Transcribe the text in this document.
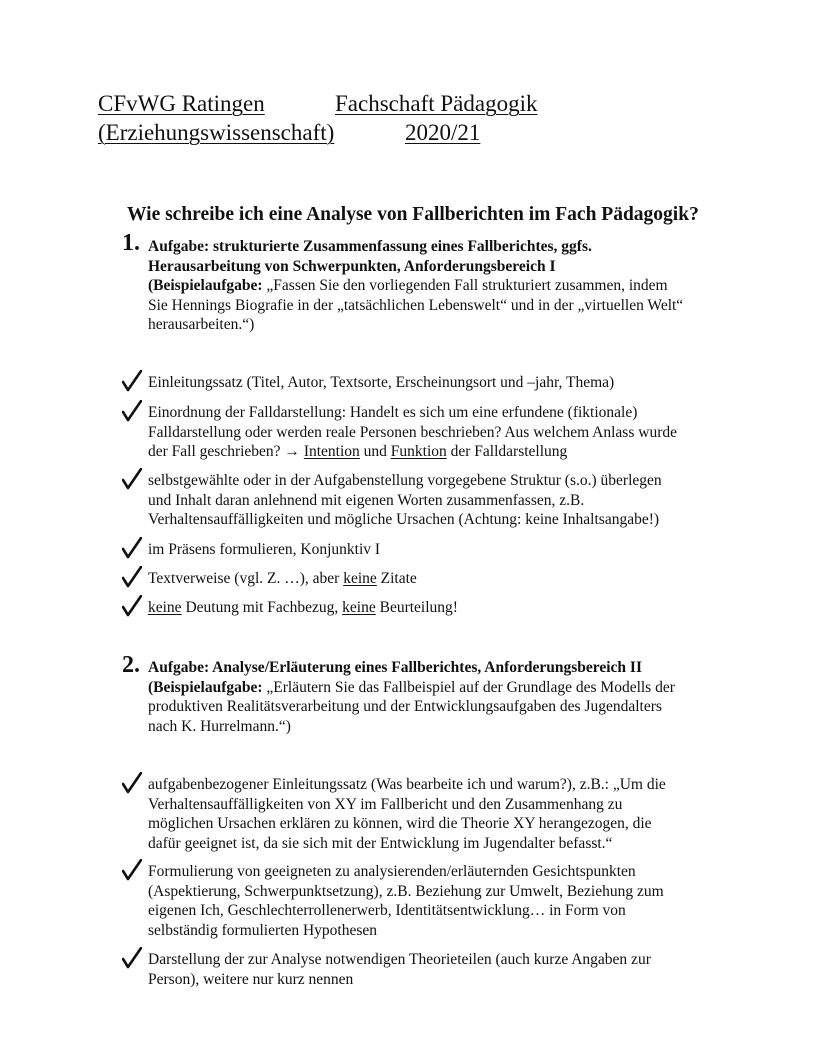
CFvWG Ratingen	Fachschaft Pädagogik
(Erziehungswissenschaft)	2020/21
Wie schreibe ich eine Analyse von Fallberichten im Fach Pädagogik?
1. Aufgabe: strukturierte Zusammenfassung eines Fallberichtes, ggfs.
Herausarbeitung von Schwerpunkten, Anforderungsbereich I
(Beispielaufgabe: „Fassen Sie den vorliegenden Fall strukturiert zusammen, indem
Sie Hennings Biografie in der „tatsächlichen Lebenswelt“ und in der „virtuellen Welt“
herausarbeiten.“)
Einleitungssatz (Titel, Autor, Textsorte, Erscheinungsort und –jahr, Thema)
Einordnung der Falldarstellung: Handelt es sich um eine erfundene (fiktionale)
Falldarstellung oder werden reale Personen beschrieben? Aus welchem Anlass wurde
der Fall geschrieben? → Intention und Funktion der Falldarstellung
selbstgewählte oder in der Aufgabenstellung vorgegebene Struktur (s.o.) überlegen
und Inhalt daran anlehnend mit eigenen Worten zusammenfassen, z.B.
Verhaltensauffälligkeiten und mögliche Ursachen (Achtung: keine Inhaltsangabe!)
im Präsens formulieren, Konjunktiv I
Textverweise (vgl. Z. …), aber keine Zitate
keine Deutung mit Fachbezug, keine Beurteilung!
2. Aufgabe: Analyse/Erläuterung eines Fallberichtes, Anforderungsbereich II
(Beispielaufgabe: „Erläutern Sie das Fallbeispiel auf der Grundlage des Modells der
produktiven Realitätsverarbeitung und der Entwicklungsaufgaben des Jugendalters
nach K. Hurrelmann.“)
aufgabenbezogener Einleitungssatz (Was bearbeite ich und warum?), z.B.: „Um die
Verhaltensauffälligkeiten von XY im Fallbericht und den Zusammenhang zu
möglichen Ursachen erklären zu können, wird die Theorie XY herangezogen, die
dafür geeignet ist, da sie sich mit der Entwicklung im Jugendalter befasst.“
Formulierung von geeigneten zu analysierenden/erläuternden Gesichtspunkten
(Aspektierung, Schwerpunktsetzung), z.B. Beziehung zur Umwelt, Beziehung zum
eigenen Ich, Geschlechterrollenerwerb, Identitätsentwicklung… in Form von
selbständig formulierten Hypothesen
Darstellung der zur Analyse notwendigen Theorieteilen (auch kurze Angaben zur
Person), weitere nur kurz nennen
